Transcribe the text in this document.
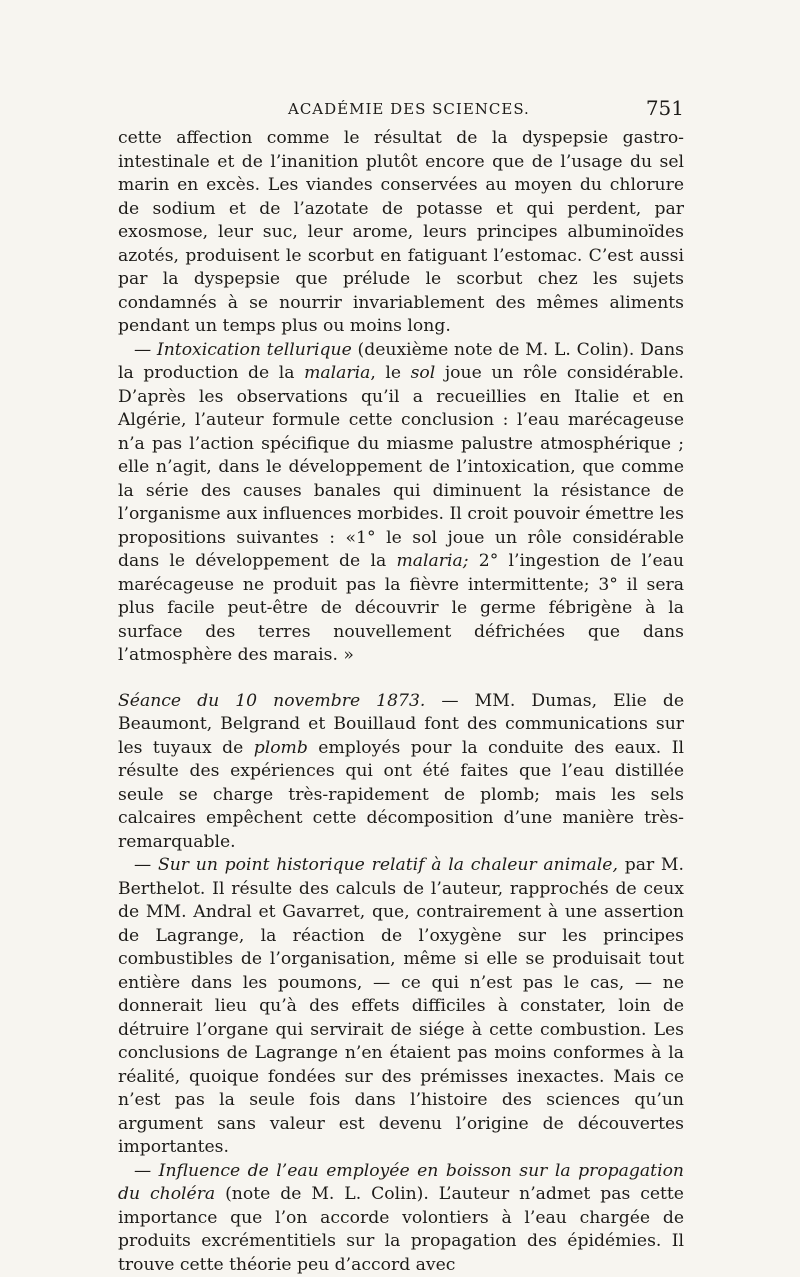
ACADÉMIE DES SCIENCES.	751

cette affection comme le résultat de la dyspepsie gastro-intestinale et de l’inanition plutôt encore que de l’usage du sel marin en excès. Les viandes conservées au moyen du chlorure de sodium et de l’azotate de potasse et qui perdent, par exosmose, leur suc, leur arome, leurs principes albuminoïdes azotés, produisent le scorbut en fatiguant l’estomac. C’est aussi par la dyspepsie que prélude le scorbut chez les sujets condamnés à se nourrir invariablement des mêmes aliments pendant un temps plus ou moins long.

— Intoxication tellurique (deuxième note de M. L. Colin). Dans la production de la malaria, le sol joue un rôle considérable. D’après les observations qu’il a recueillies en Italie et en Algérie, l’auteur formule cette conclusion : l’eau marécageuse n’a pas l’action spécifique du miasme palustre atmosphérique ; elle n’agit, dans le développement de l’intoxication, que comme la série des causes banales qui diminuent la résistance de l’organisme aux influences morbides. Il croit pouvoir émettre les propositions suivantes : «1° le sol joue un rôle considérable dans le développement de la malaria; 2° l’ingestion de l’eau marécageuse ne produit pas la fièvre intermittente; 3° il sera plus facile peut-être de découvrir le germe fébrigène à la surface des terres nouvellement défrichées que dans l’atmosphère des marais. »

Séance du 10 novembre 1873. — MM. Dumas, Elie de Beaumont, Belgrand et Bouillaud font des communications sur les tuyaux de plomb employés pour la conduite des eaux. Il résulte des expériences qui ont été faites que l’eau distillée seule se charge très-rapidement de plomb; mais les sels calcaires empêchent cette décomposition d’une manière très-remarquable.

— Sur un point historique relatif à la chaleur animale, par M. Berthelot. Il résulte des calculs de l’auteur, rapprochés de ceux de MM. Andral et Gavarret, que, contrairement à une assertion de Lagrange, la réaction de l’oxygène sur les principes combustibles de l’organisation, même si elle se produisait tout entière dans les poumons, — ce qui n’est pas le cas, — ne donnerait lieu qu’à des effets difficiles à constater, loin de détruire l’organe qui servirait de siége à cette combustion. Les conclusions de Lagrange n’en étaient pas moins conformes à la réalité, quoique fondées sur des prémisses inexactes. Mais ce n’est pas la seule fois dans l’histoire des sciences qu’un argument sans valeur est devenu l’origine de découvertes importantes.

— Influence de l’eau employée en boisson sur la propagation du choléra (note de M. L. Colin). L’auteur n’admet pas cette importance que l’on accorde volontiers à l’eau chargée de produits excrémentitiels sur la propagation des épidémies. Il trouve cette théorie peu d’accord avec
